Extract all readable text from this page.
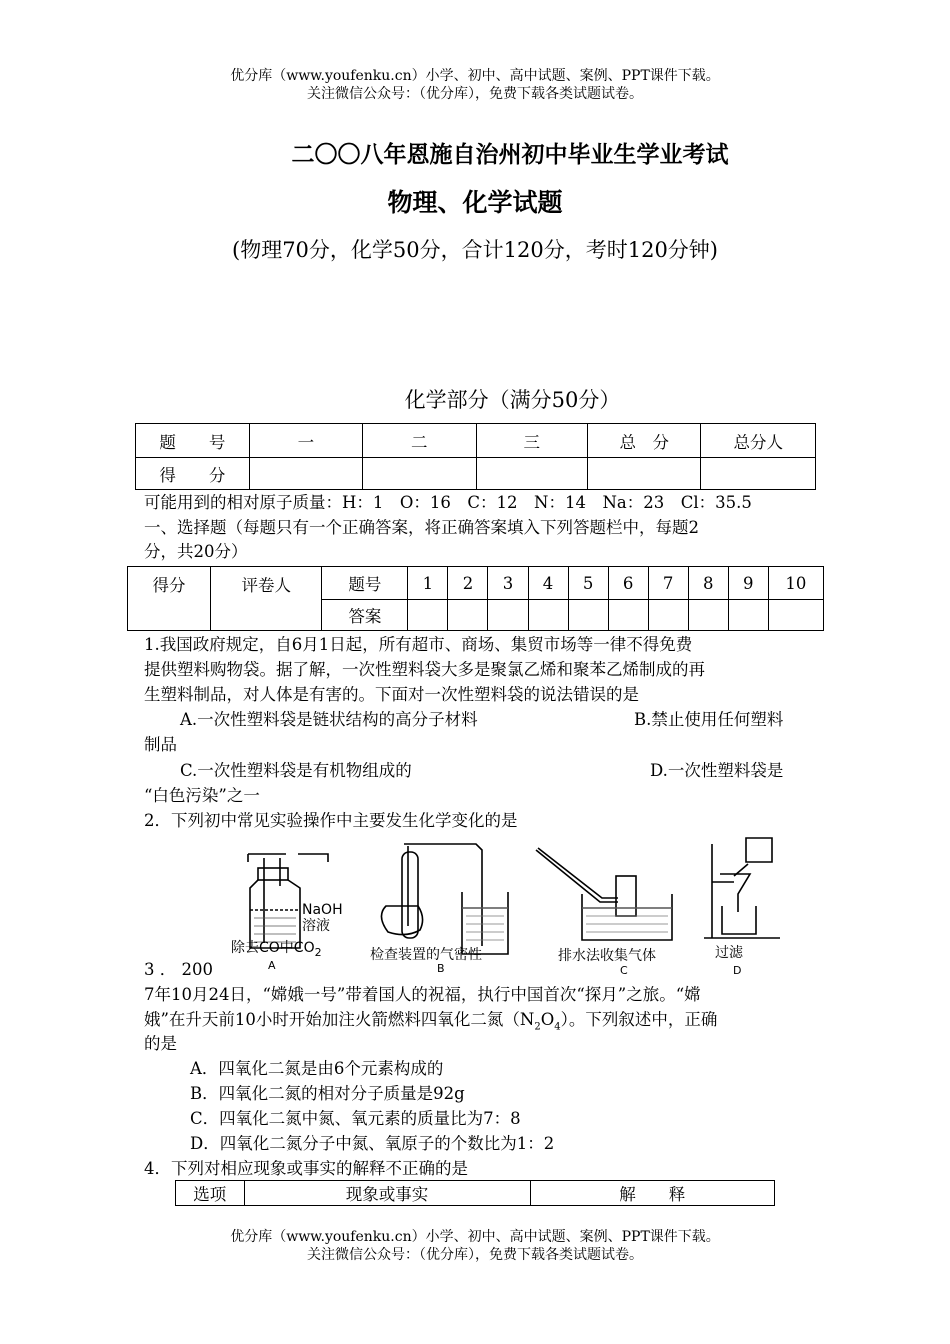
优分库（www.youfenku.cn）小学、初中、高中试题、案例、PPT课件下载。
关注微信公众号：（优分库），免费下载各类试题试卷。
二〇〇八年恩施自治州初中毕业生学业考试
物理、化学试题
(物理70分，化学50分，合计120分，考时120分钟)
化学部分（满分50分）
题　　号	一	二	三	总　分	总分人
得　　分					
可能用到的相对原子质量：H：1　O：16　C：12　N：14　Na：23　Cl：35.5
一、选择题（每题只有一个正确答案，将正确答案填入下列答题栏中，每题2
分，共20分）
得分	评卷人	题号	1	2	3	4	5	6	7	8	9	10
		答案										
1.我国政府规定，自6月1日起，所有超市、商场、集贸市场等一律不得免费
提供塑料购物袋。据了解，一次性塑料袋大多是聚氯乙烯和聚苯乙烯制成的再
生塑料制品，对人体是有害的。下面对一次性塑料袋的说法错误的是
A.一次性塑料袋是链状结构的高分子材料	B.禁止使用任何塑料
制品
C.一次性塑料袋是有机物组成的	D.一次性塑料袋是
“白色污染”之一
2．下列初中常见实验操作中主要发生化学变化的是
NaOH
溶液
除去CO中$CO_2$
A
检查装置的气密性
B
排水法收集气体
C
过滤
D
3 ． 200
7年10月24日，“嫦娥一号”带着国人的祝福，执行中国首次“探月”之旅。“嫦
娥”在升天前10小时开始加注火箭燃料四氧化二氮$(N_2O_4)$。下列叙述中，正确
的是
A．四氧化二氮是由6个元素构成的
B．四氧化二氮的相对分子质量是92g
C．四氧化二氮中氮、氧元素的质量比为7：8
D．四氧化二氮分子中氮、氧原子的个数比为1：2
4．下列对相应现象或事实的解释不正确的是
选项	现象或事实	解　　释
优分库（www.youfenku.cn）小学、初中、高中试题、案例、PPT课件下载。
关注微信公众号：（优分库），免费下载各类试题试卷。
